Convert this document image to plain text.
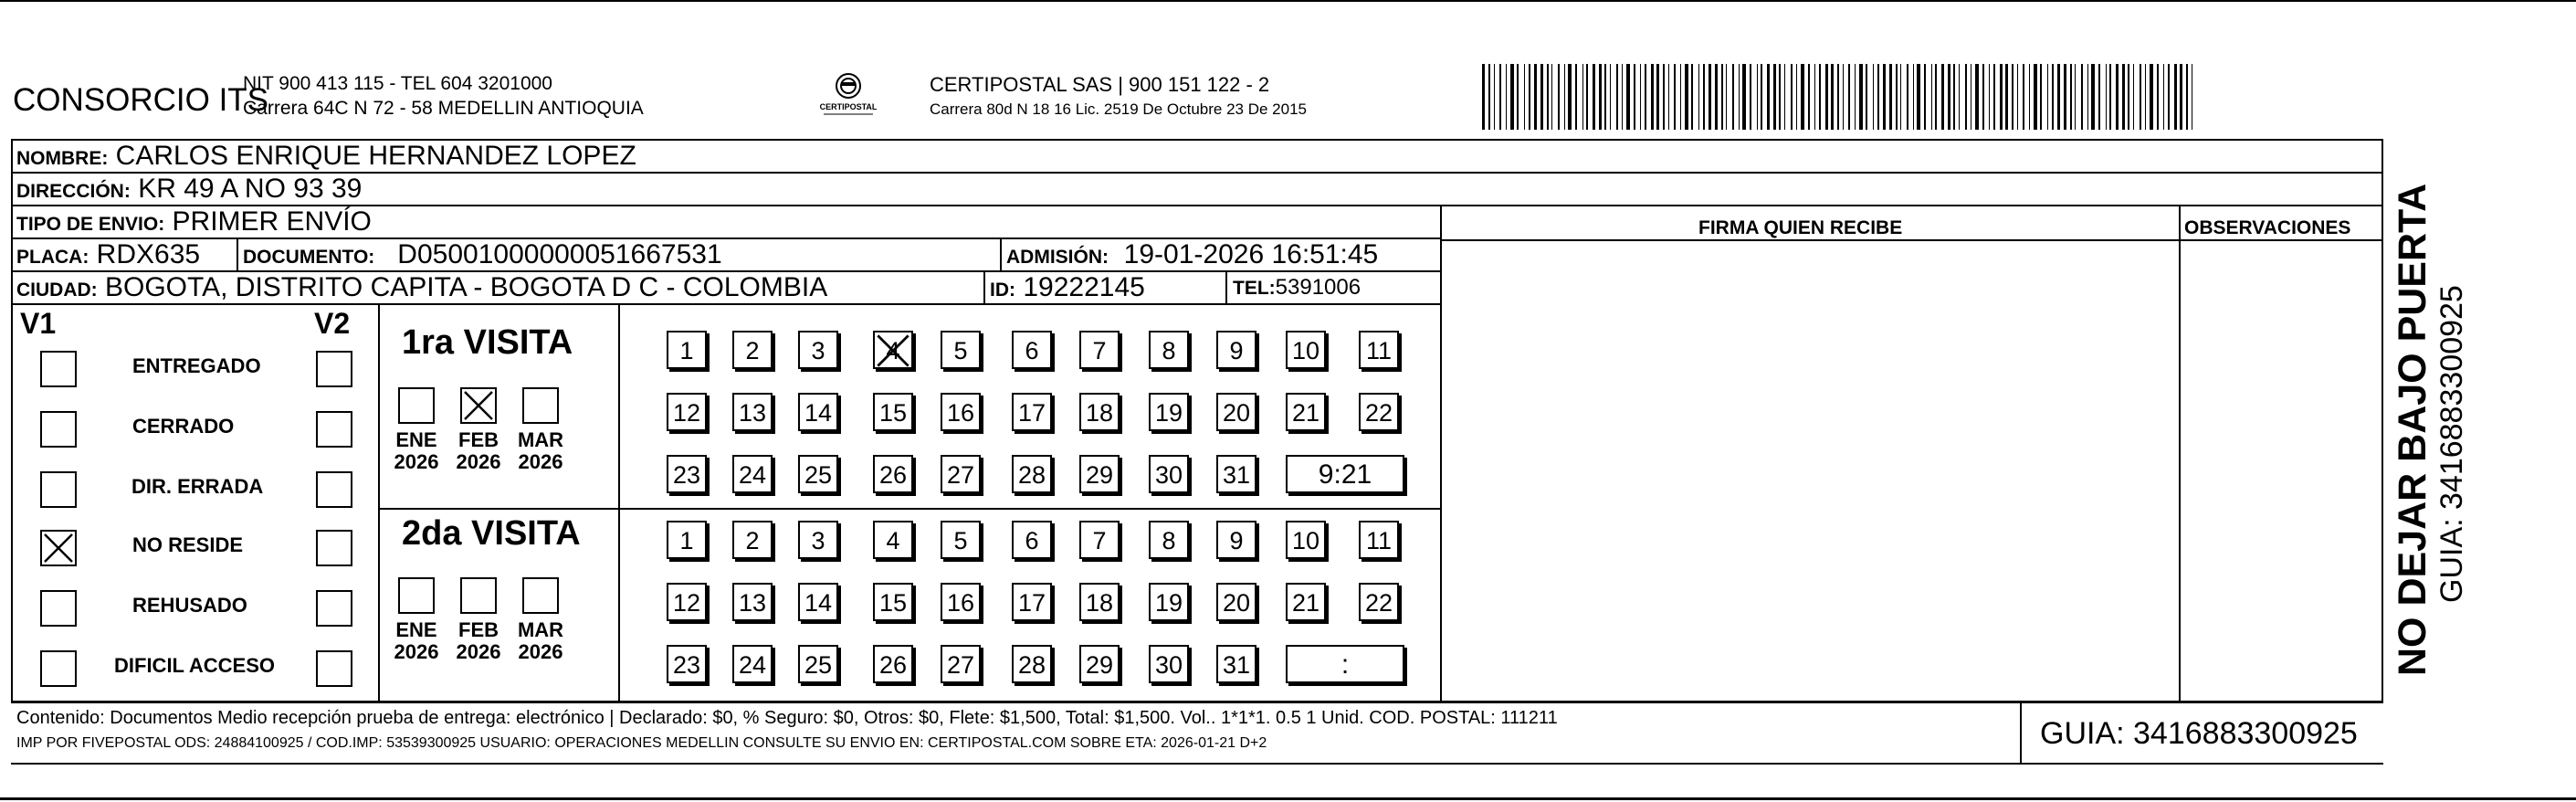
CONSORCIO ITS
NIT 900 413 115 - TEL 604 3201000
Carrera 64C N 72 - 58 MEDELLIN ANTIOQUIA	CERTIPOSTAL
CERTIPOSTAL SAS | 900 151 122 - 2
Carrera 80d N 18 16 Lic. 2519 De Octubre 23 De 2015
NOMBRE: CARLOS ENRIQUE HERNANDEZ LOPEZ
DIRECCIÓN: KR 49 A NO 93 39
TIPO DE ENVIO: PRIMER ENVÍO
PLACA: RDX635 DOCUMENTO: D05001000000051667531	ADMISIÓN: 19-01-2026 16:51:45
CIUDAD: BOGOTA, DISTRITO CAPITA - BOGOTA D C - COLOMBIA	ID: 19222145	TEL:5391006
FIRMA QUIEN RECIBE	OBSERVACIONES
V1	V2
ENTREGADO
CERRADO
DIR. ERRADA
NO RESIDE
REHUSADO
DIFICIL ACCESO
1ra VISITA
2da VISITA
ENE
2026
FEB
2026
MAR
2026
ENE
2026
FEB
2026
MAR
2026
1	2	3	4	5	6	7	8	9	10 11
12 13 14 15 16 17 18 19 20 21 22
23 24 25 26 27 28 29 30 31	9:21
1	2	3	4	5	6	7	8	9	10 11
12 13 14 15 16 17 18 19 20 21 22
23 24 25 26 27 28 29 30 31	:
Contenido: Documentos Medio recepción prueba de entrega: electrónico | Declarado: $0, % Seguro: $0, Otros: $0, Flete: $1,500, Total: $1,500. Vol.. 1*1*1. 0.5 1 Unid. COD. POSTAL: 111211
IMP POR FIVEPOSTAL ODS: 24884100925 / COD.IMP: 53539300925 USUARIO: OPERACIONES MEDELLIN CONSULTE SU ENVIO EN: CERTIPOSTAL.COM SOBRE ETA: 2026-01-21 D+2	GUIA: 3416883300925
NO DEJAR BAJO PUERTA GUIA: 3416883300925
